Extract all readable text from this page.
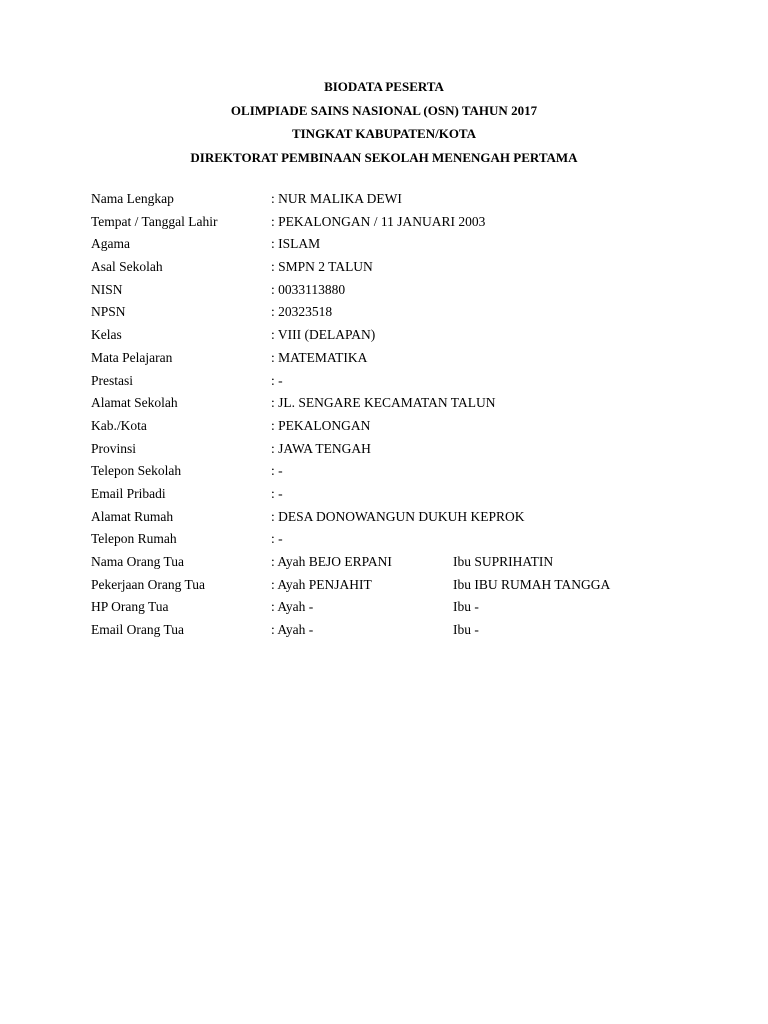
BIODATA PESERTA
OLIMPIADE SAINS NASIONAL (OSN) TAHUN 2017
TINGKAT KABUPATEN/KOTA
DIREKTORAT PEMBINAAN SEKOLAH MENENGAH PERTAMA
Nama Lengkap	: NUR MALIKA DEWI
Tempat / Tanggal Lahir	: PEKALONGAN / 11 JANUARI 2003
Agama	: ISLAM
Asal Sekolah	: SMPN 2 TALUN
NISN	: 0033113880
NPSN	: 20323518
Kelas	: VIII (DELAPAN)
Mata Pelajaran	: MATEMATIKA
Prestasi	: -
Alamat Sekolah	: JL. SENGARE KECAMATAN TALUN
Kab./Kota	: PEKALONGAN
Provinsi	: JAWA TENGAH
Telepon Sekolah	: -
Email Pribadi	: -
Alamat Rumah	: DESA DONOWANGUN DUKUH KEPROK
Telepon Rumah	: -
Nama Orang Tua	: Ayah BEJO ERPANI	Ibu SUPRIHATIN
Pekerjaan Orang Tua	: Ayah PENJAHIT	Ibu IBU RUMAH TANGGA
HP Orang Tua	: Ayah -	Ibu -
Email Orang Tua	: Ayah -	Ibu -
